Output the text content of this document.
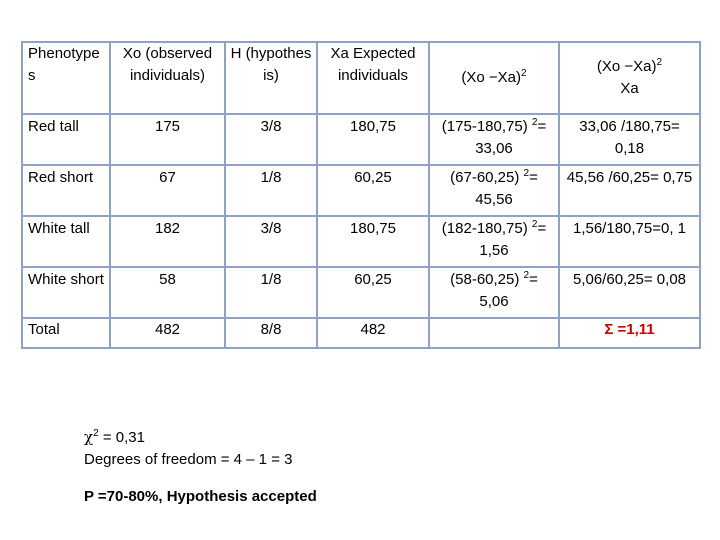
Phenotype s	Xo (observed individuals)	H (hypothes is)	Xa Expected individuals	$(Xo -Xa)^2$	$(Xo -Xa)^2$
Xa
Red tall	175	3/8	180,75	(175-180,75) $^2$= 33,06	33,06 /180,75= 0,18
Red short	67	1/8	60,25	(67-60,25) $^2$= 45,56	45,56 /60,25= 0,75
White tall	182	3/8	180,75	(182-180,75) $^2$= 1,56	1,56/180,75=0, 1
White short	58	1/8	60,25	(58-60,25) $^2$= 5,06	5,06/60,25= 0,08
Total	482	8/8	482		Σ =1,11
$\chi^2 = 0,31$
Degrees of freedom = 4 – 1 = 3
P =70-80%, Hypothesis accepted
